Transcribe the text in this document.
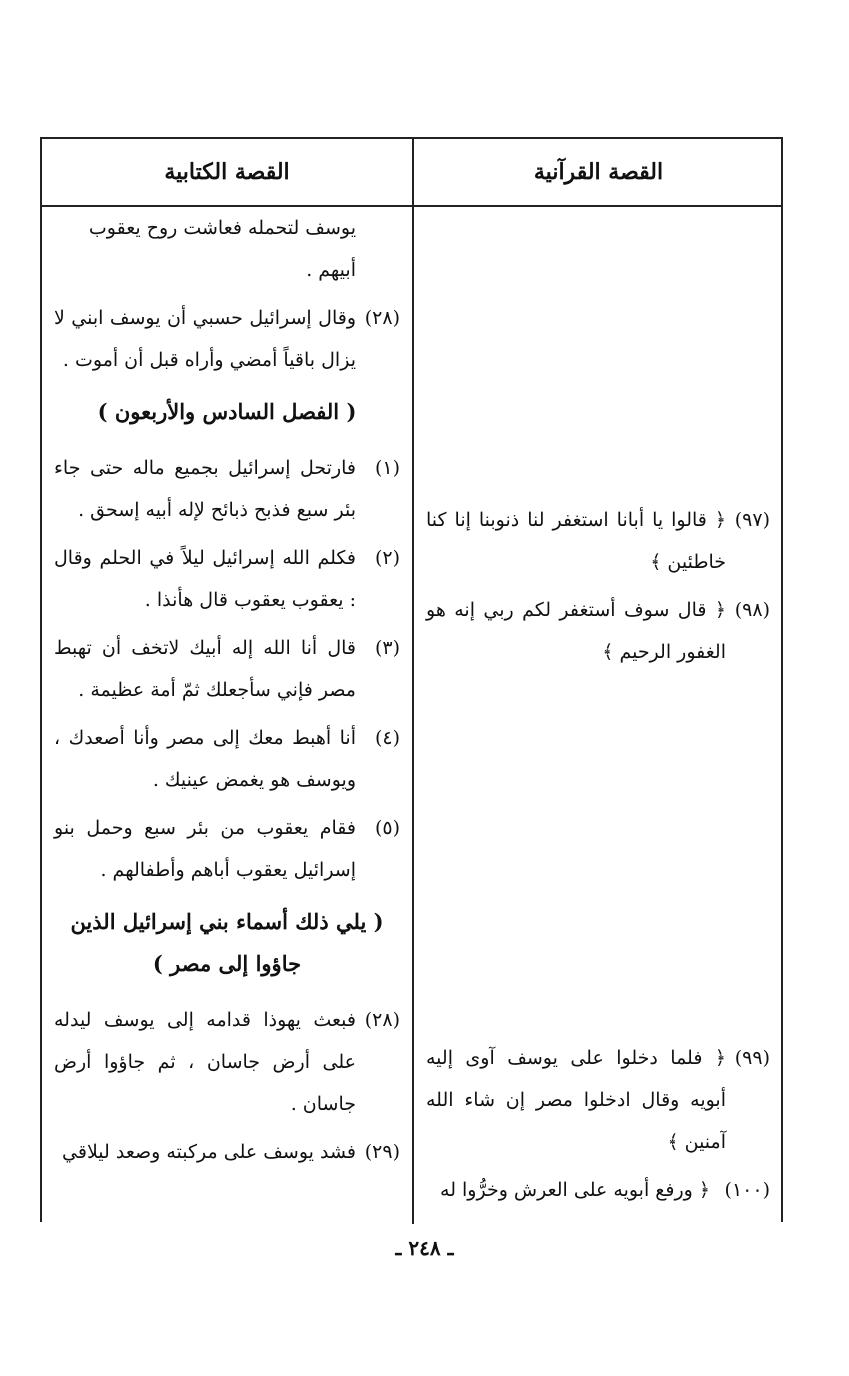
القصة القرآنية
القصة الكتابية
يوسف لتحمله فعاشت روح يعقوب أبيهم .
(٢٨)
وقال إسرائيل حسبي أن يوسف ابني لا يزال باقياً أمضي وأراه قبل أن أموت .
( الفصل السادس والأربعون )
(١)
فارتحل إسرائيل بجميع ماله حتى جاء بئر سبع فذبح ذبائح لإله أبيه إسحق .
(٢)
فكلم الله إسرائيل ليلاً في الحلم وقال : يعقوب يعقوب قال هأنذا .
(٣)
قال أنا الله إله أبيك لاتخف أن تهبط مصر فإني سأجعلك ثمّ أمة عظيمة .
(٤)
أنا أهبط معك إلى مصر وأنا أصعدك ، ويوسف هو يغمض عينيك .
(٥)
فقام يعقوب من بئر سبع وحمل بنو إسرائيل يعقوب أباهم وأطفالهم .
( يلي ذلك أسماء بني إسرائيل الذين جاؤوا إلى مصر )
(٢٨)
فبعث يهوذا قدامه إلى يوسف ليدله على أرض جاسان ، ثم جاؤوا أرض جاسان .
(٢٩)
فشد يوسف على مركبته وصعد ليلاقي
(٩٧)
﴿ قالوا يا أبانا استغفر لنا ذنوبنا إنا كنا خاطئين ﴾
(٩٨)
﴿ قال سوف أستغفر لكم ربي إنه هو الغفور الرحيم ﴾
(٩٩)
﴿ فلما دخلوا على يوسف آوى إليه أبويه وقال ادخلوا مصر إن شاء الله آمنين ﴾
(١٠٠)
﴿ ورفع أبويه على العرش وخرُّوا له
ـ ٢٤٨ ـ
